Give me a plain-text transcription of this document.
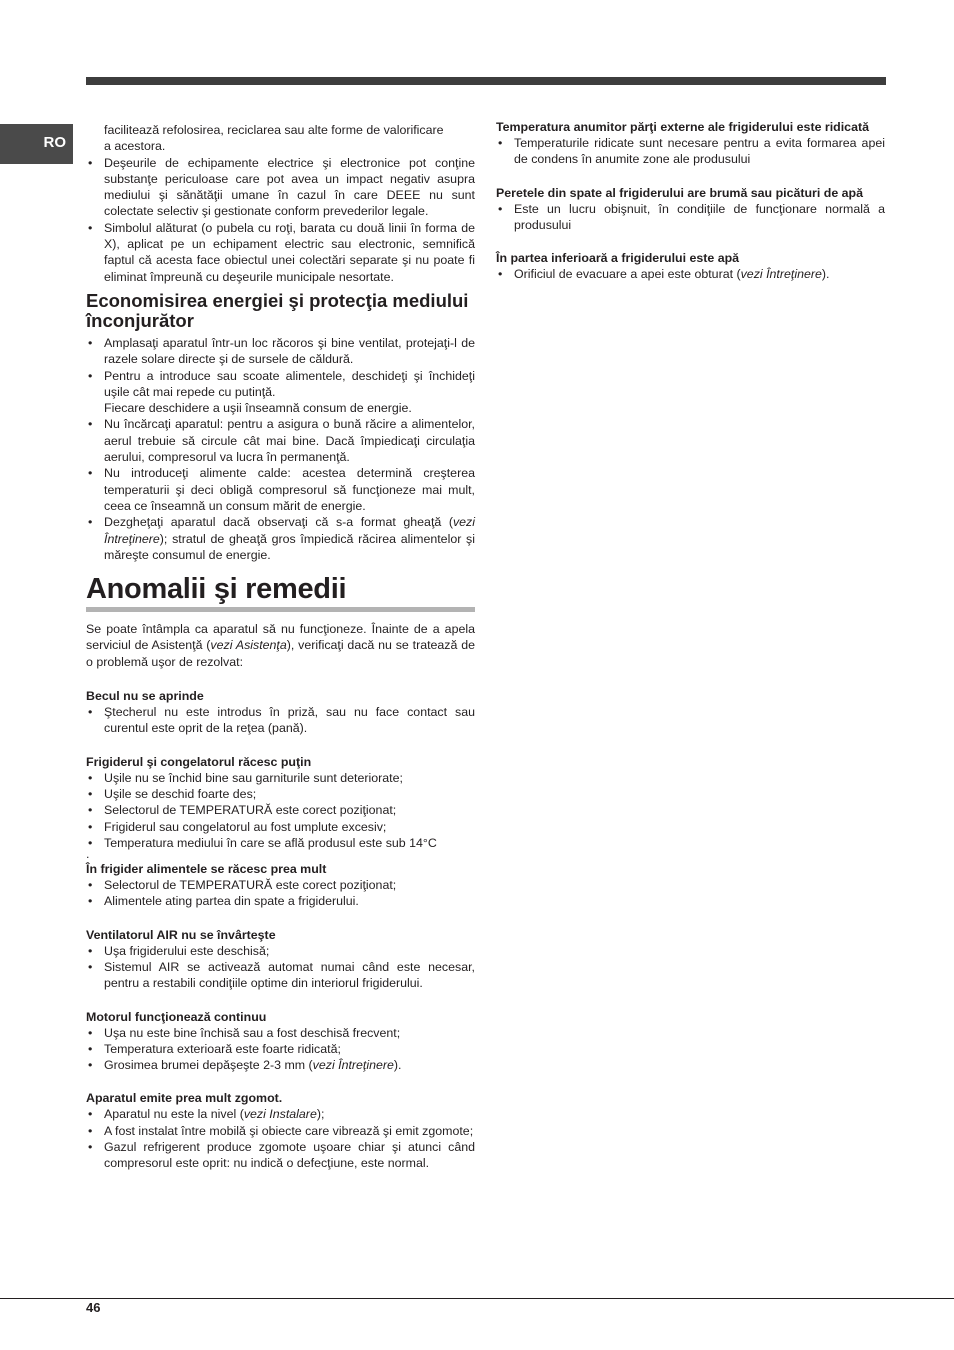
RO

facilitează refolosirea, reciclarea sau alte forme de valorificare
a acestora.

• Deşeurile de echipamente electrice şi electronice pot conţine substanţe periculoase care pot avea un impact negativ asupra mediului şi sănătăţii umane în cazul în care DEEE nu sunt colectate selectiv şi gestionate conform prevederilor legale.
• Simbolul alăturat (o pubela cu roţi, barata cu două linii în forma de X), aplicat pe un echipament electric sau electronic, semnifică faptul că acesta face obiectul unei colectări separate şi nu poate fi eliminat împreună cu deşeurile municipale nesortate.
Economisirea energiei şi protecţia mediului înconjurător
• Amplasaţi aparatul într-un loc răcoros şi bine ventilat, protejaţi-l de razele solare directe şi de sursele de căldură.
• Pentru a introduce sau scoate alimentele, deschideţi şi închideţi uşile cât mai repede cu putinţă.
Fiecare deschidere a uşii înseamnă consum de energie.
• Nu încărcaţi aparatul: pentru a asigura o bună răcire a alimentelor, aerul trebuie să circule cât mai bine. Dacă împiedicaţi circulaţia aerului, compresorul va lucra în permanenţă.
• Nu introduceţi alimente calde: acestea determină creşterea temperaturii şi deci obligă compresorul să funcţioneze mai mult, ceea ce înseamnă un consum mărit de energie.
• Dezgheţaţi aparatul dacă observaţi că s-a format gheaţă (vezi Întreţinere); stratul de gheaţă gros împiedică răcirea alimentelor şi măreşte consumul de energie.
Anomalii şi remedii

Se poate întâmpla ca aparatul să nu funcţioneze. Înainte de a apela serviciul de Asistenţă (vezi Asistenţa), verificaţi dacă nu se tratează de o problemă uşor de rezolvat:

Becul nu se aprinde
• Ştecherul nu este introdus în priză, sau nu face contact sau curentul este oprit de la reţea (pană).
Frigiderul şi congelatorul răcesc puţin
• Uşile nu se închid bine sau garniturile sunt deteriorate;
• Uşile se deschid foarte des;
• Selectorul de TEMPERATURĂ este corect poziţionat;
• Frigiderul sau congelatorul au fost umplute excesiv;
• Temperatura mediului în care se află produsul este sub 14°C
.
În frigider alimentele se răcesc prea mult
• Selectorul de TEMPERATURĂ este corect poziţionat;
• Alimentele ating partea din spate a frigiderului.
Ventilatorul AIR nu se învârteşte
• Uşa frigiderului este deschisă;
• Sistemul AIR se activează automat numai când este necesar, pentru a restabili condiţiile optime din interiorul frigiderului.
Motorul funcţionează continuu
• Uşa nu este bine închisă sau a fost deschisă frecvent;
• Temperatura exterioară este foarte ridicată;
• Grosimea brumei depăşeşte 2-3 mm (vezi Întreţinere).
Aparatul emite prea mult zgomot.
• Aparatul nu este la nivel (vezi Instalare);
• A fost instalat între mobilă şi obiecte care vibrează şi emit zgomote;
• Gazul refrigerent produce zgomote uşoare chiar şi atunci când compresorul este oprit: nu indică o defecţiune, este normal.
Temperatura anumitor părţi externe ale frigiderului este ridicată
• Temperaturile ridicate sunt necesare pentru a evita formarea apei de condens în anumite zone ale produsului
Peretele din spate al frigiderului are brumă sau picături de apă
• Este un lucru obişnuit, în condiţiile de funcţionare normală a produsului
În partea inferioară a frigiderului este apă
• Orificiul de evacuare a apei este obturat (vezi Întreţinere).
46
